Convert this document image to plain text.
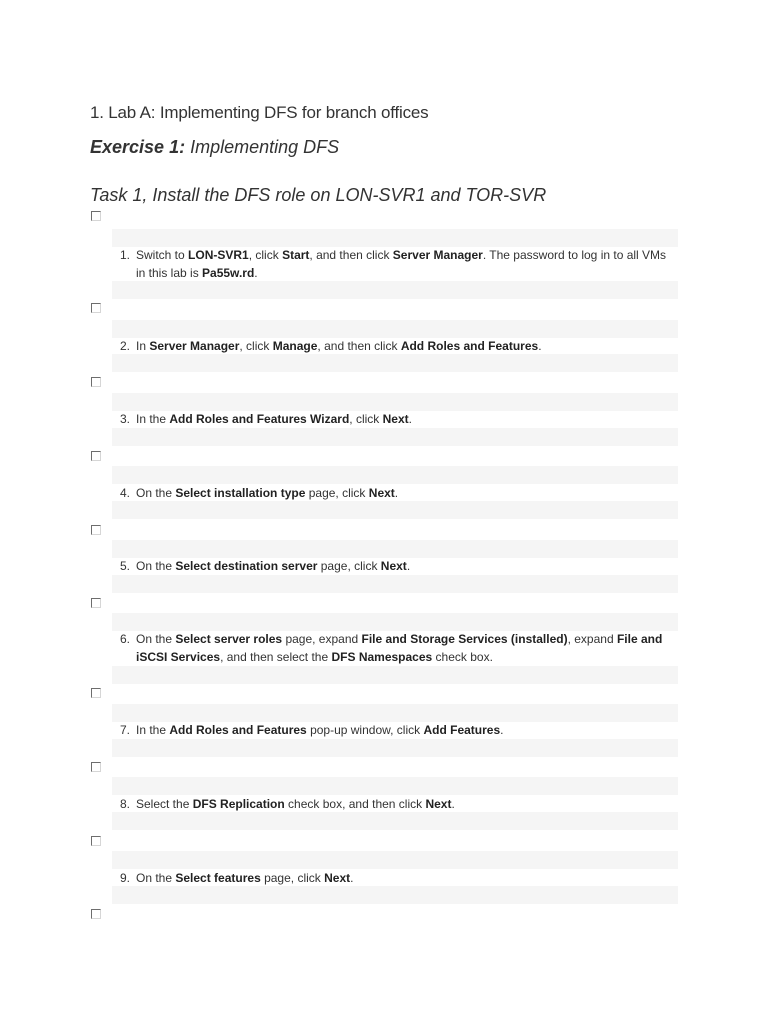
1. Lab A: Implementing DFS for branch offices
Exercise 1: Implementing DFS
Task 1, Install the DFS role on LON-SVR1 and TOR-SVR
1. Switch to LON-SVR1, click Start, and then click Server Manager. The password to log in to all VMs in this lab is Pa55w.rd.
2. In Server Manager, click Manage, and then click Add Roles and Features.
3. In the Add Roles and Features Wizard, click Next.
4. On the Select installation type page, click Next.
5. On the Select destination server page, click Next.
6. On the Select server roles page, expand File and Storage Services (installed), expand File and iSCSI Services, and then select the DFS Namespaces check box.
7. In the Add Roles and Features pop-up window, click Add Features.
8. Select the DFS Replication check box, and then click Next.
9. On the Select features page, click Next.
